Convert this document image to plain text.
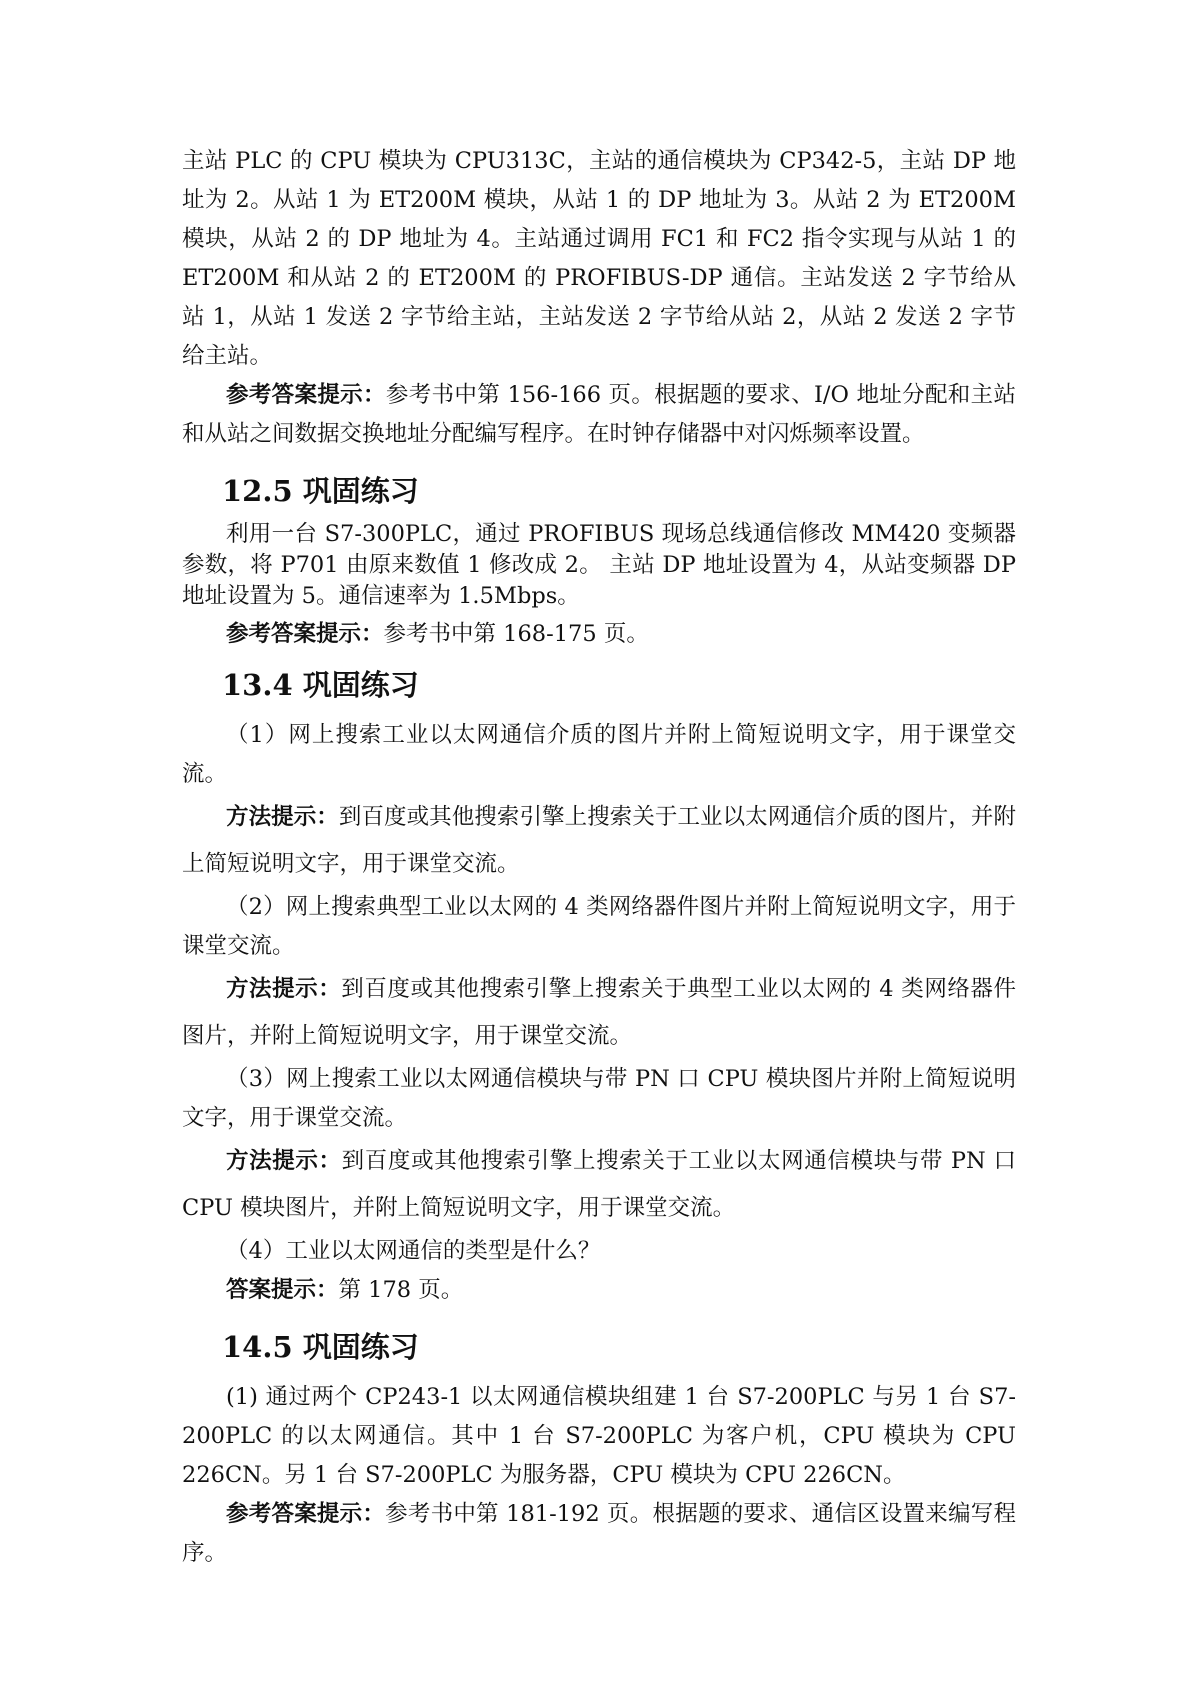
主站 PLC 的 CPU 模块为 CPU313C，主站的通信模块为 CP342-5，主站 DP 地址为 2。从站 1 为 ET200M 模块，从站 1 的 DP 地址为 3。从站 2 为 ET200M 模块，从站 2 的 DP 地址为 4。主站通过调用 FC1 和 FC2 指令实现与从站 1 的 ET200M 和从站 2 的 ET200M 的 PROFIBUS-DP 通信。主站发送 2 字节给从站 1，从站 1 发送 2 字节给主站，主站发送 2 字节给从站 2，从站 2 发送 2 字节给主站。

参考答案提示：参考书中第 156-166 页。根据题的要求、I/O 地址分配和主站和从站之间数据交换地址分配编写程序。在时钟存储器中对闪烁频率设置。

12.5 巩固练习

利用一台 S7-300PLC，通过 PROFIBUS 现场总线通信修改 MM420 变频器参数，将 P701 由原来数值 1 修改成 2。 主站 DP 地址设置为 4，从站变频器 DP 地址设置为 5。通信速率为 1.5Mbps。

参考答案提示：参考书中第 168-175 页。

13.4 巩固练习

（1）网上搜索工业以太网通信介质的图片并附上简短说明文字，用于课堂交流。

方法提示：到百度或其他搜索引擎上搜索关于工业以太网通信介质的图片，并附上简短说明文字，用于课堂交流。

（2）网上搜索典型工业以太网的 4 类网络器件图片并附上简短说明文字，用于课堂交流。

方法提示：到百度或其他搜索引擎上搜索关于典型工业以太网的 4 类网络器件图片，并附上简短说明文字，用于课堂交流。

（3）网上搜索工业以太网通信模块与带 PN 口 CPU 模块图片并附上简短说明文字，用于课堂交流。

方法提示：到百度或其他搜索引擎上搜索关于工业以太网通信模块与带 PN 口 CPU 模块图片，并附上简短说明文字，用于课堂交流。

（4）工业以太网通信的类型是什么？

答案提示：第 178 页。

14.5 巩固练习

(1) 通过两个 CP243-1 以太网通信模块组建 1 台 S7-200PLC 与另 1 台 S7-200PLC 的以太网通信。其中 1 台 S7-200PLC 为客户机，CPU 模块为 CPU 226CN。另 1 台 S7-200PLC 为服务器，CPU 模块为 CPU 226CN。

参考答案提示：参考书中第 181-192 页。根据题的要求、通信区设置来编写程序。
